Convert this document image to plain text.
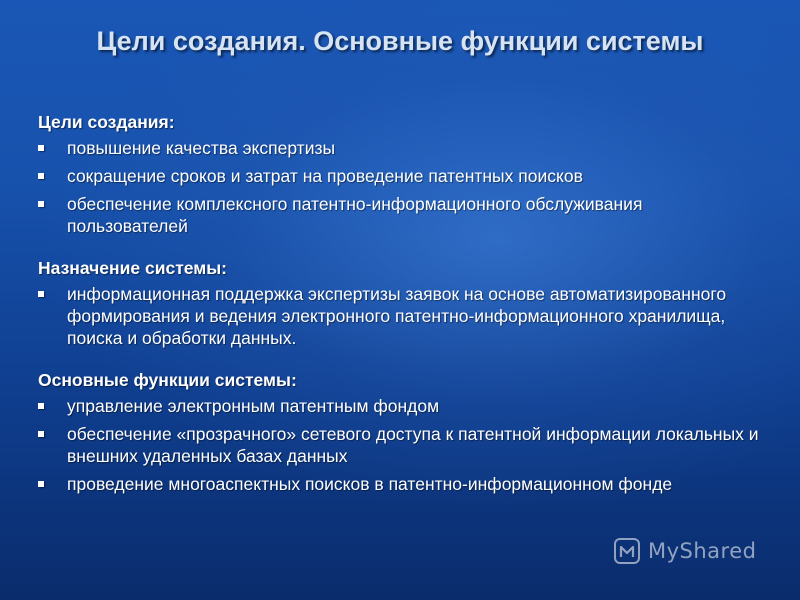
Цели создания. Основные функции системы
Цели создания:
повышение качества экспертизы
сокращение сроков и затрат на проведение патентных поисков
обеспечение комплексного патентно-информационного обслуживания пользователей
Назначение системы:
информационная поддержка экспертизы заявок на основе автоматизированного формирования и ведения электронного патентно-информационного хранилища, поиска и обработки данных.
Основные функции системы:
управление электронным патентным фондом
обеспечение «прозрачного» сетевого доступа к патентной информации локальных и внешних удаленных базах данных
проведение многоаспектных поисков в патентно-информационном фонде
MyShared
